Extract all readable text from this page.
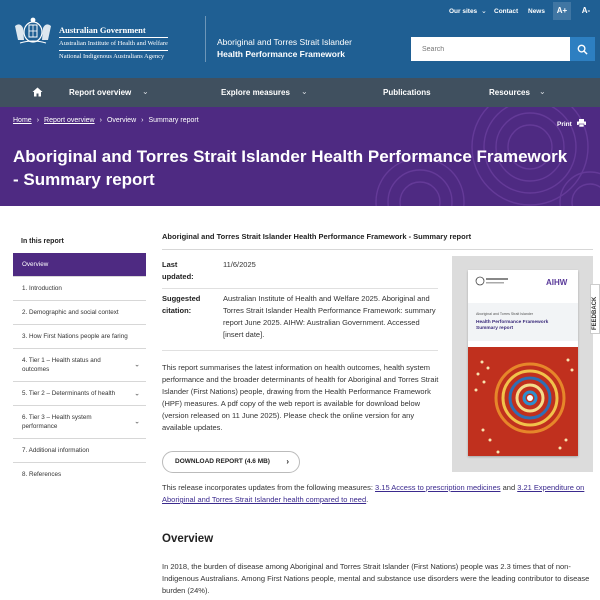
Australian Government
Australian Institute of Health and Welfare
National Indigenous Australians Agency
Aboriginal and Torres Strait Islander
Health Performance Framework
Our sites ⌄ Contact News	A+	A-
Search
Report overview ⌄	Explore measures ⌄	Publications	Resources ⌄
Home › Report overview › Overview › Summary report
Print
Aboriginal and Torres Strait Islander Health Performance Framework - Summary report
In this report
Overview
1. Introduction
2. Demographic and social context
3. How First Nations people are faring
4. Tier 1 – Health status and outcomes
⌄
5. Tier 2 – Determinants of health	⌄
6. Tier 3 – Health system performance
⌄
7. Additional information
8. References
Aboriginal and Torres Strait Islander Health Performance Framework - Summary report
Last
updated:
11/6/2025
Suggested
citation:
Australian Institute of Health and Welfare 2025. Aboriginal and Torres Strait Islander Health Performance Framework: summary report June 2025. AIHW: Australian Government. Accessed [insert date].
This report summarises the latest information on health outcomes, health system performance and the broader determinants of health for Aboriginal and Torres Strait Islander (First Nations) people, drawing from the Health Performance Framework (HPF) measures. A pdf copy of the web report is available for download below (version released on 11 June 2025). Please check the online version for any available updates.
DOWNLOAD REPORT (4.6 MB) ›
This release incorporates updates from the following measures: 3.15 Access to prescription medicines and 3.21 Expenditure on Aboriginal and Torres Strait Islander health compared to need.
Overview

In 2018, the burden of disease among Aboriginal and Torres Strait Islander (First Nations) people was 2.3 times that of non-Indigenous Australians. Among First Nations people, mental and substance use disorders were the leading contributor to disease burden (24%).

AIHW
Aboriginal and Torres Strait Islander
Health Performance Framework
Summary report	FEEDBACK
